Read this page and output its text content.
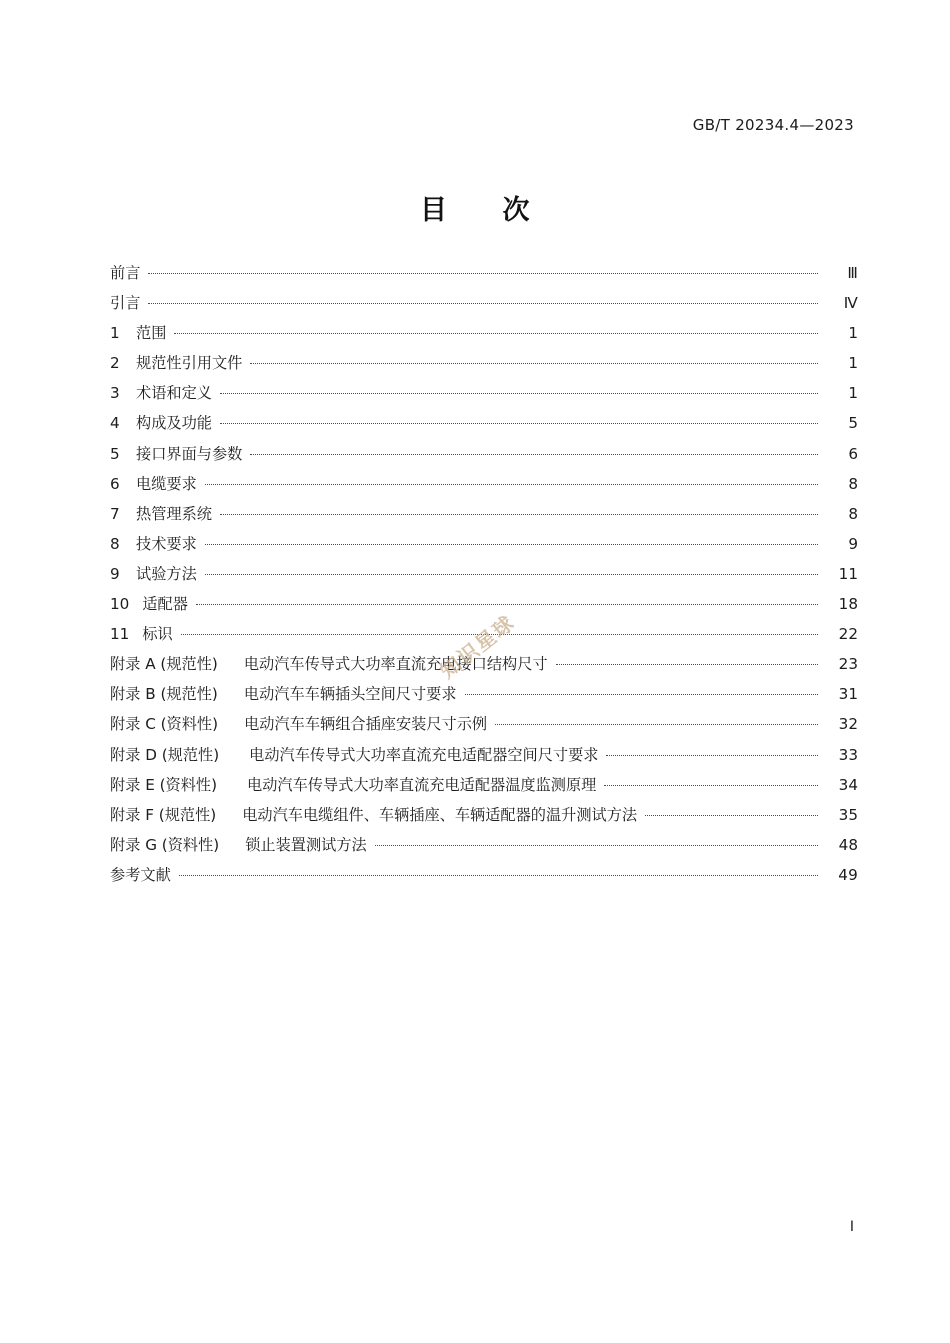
GB/T 20234.4—2023
目　　次
前言	Ⅲ
引言	Ⅳ
1 范围	1
2 规范性引用文件	1
3 术语和定义	1
4 构成及功能	5
5 接口界面与参数	6
6 电缆要求	8
7 热管理系统	8
8 技术要求	9
9 试验方法	11
10 适配器	18
11 标识	22
附录 A (规范性) 电动汽车传导式大功率直流充电接口结构尺寸	23
附录 B (规范性) 电动汽车车辆插头空间尺寸要求	31
附录 C (资料性) 电动汽车车辆组合插座安装尺寸示例	32
附录 D (规范性) 电动汽车传导式大功率直流充电适配器空间尺寸要求	33
附录 E (资料性) 电动汽车传导式大功率直流充电适配器温度监测原理	34
附录 F (规范性) 电动汽车电缆组件、车辆插座、车辆适配器的温升测试方法	35
附录 G (资料性) 锁止装置测试方法	48
参考文献	49
知识星球
I
